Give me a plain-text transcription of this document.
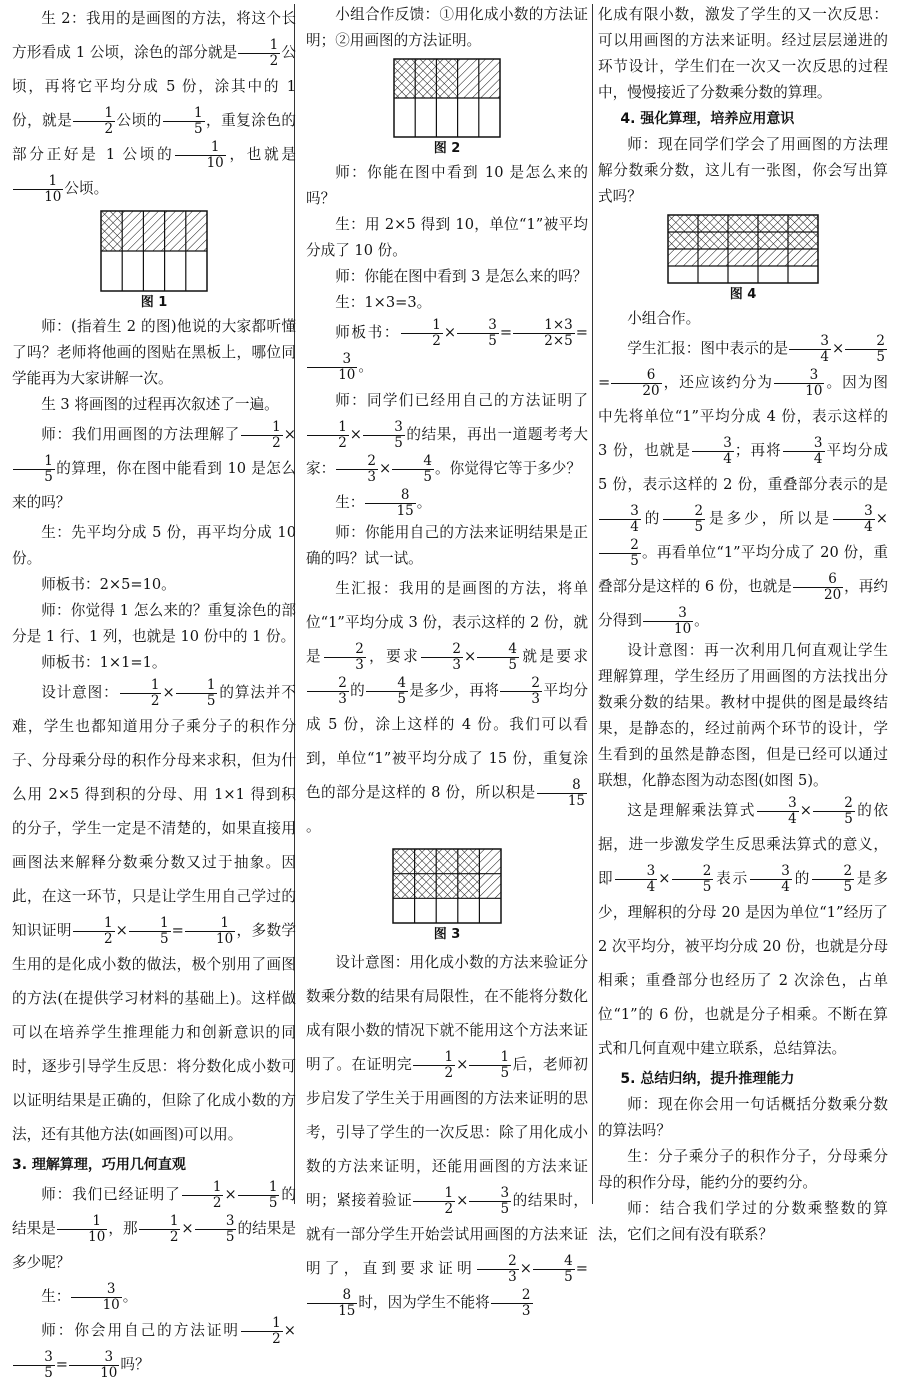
生 2：我用的是画图的方法，将这个长方形看成 1 公顷，涂色的部分就是 $\frac{1}{2}$ 公顷，再将它平均分成 5 份，涂其中的 1 份，就是 $\frac{1}{2}$ 公顷的 $\frac{1}{5}$ ，重复涂色的部分正好是 1 公顷的 $\frac{1}{10}$ ，也就是
$\frac{1}{10}$ 公顷。

图 1

师：(指着生 2 的图)他说的大家都听懂了吗？老师将他画的图贴在黑板上，哪位同学能再为大家讲解一次。

生 3 将画图的过程再次叙述了一遍。

师：我们用画图的方法理解了 $\frac{1}{2}$ ×
$\frac{1}{5}$ 的算理，你在图中能看到 10 是怎么来的吗？

生：先平均分成 5 份，再平均分成 10 份。

师板书：2×5=10。

师：你觉得 1 怎么来的？重复涂色的部分是 1 行、1 列，也就是 10 份中的 1 份。

师板书：1×1=1。

设计意图： $\frac{1}{2} \times \frac{1}{5}$ 的算法并不难，学生也都知道用分子乘分子的积作分子、分母乘分母的积作分母来求积，但为什么用 2×5 得到积的分母、用 1×1 得到积的分子，学生一定是不清楚的，如果直接用画图法来解释分数乘分数又过于抽象。因此，在这一环节，只是让学生用自己学过的知识证明 $\frac{1}{2} \times \frac{1}{5} = \frac{1}{10}$ ，多数学生用的是化成小数的做法，极个别用了画图的方法(在提供学习材料的基础上)。这样做可以在培养学生推理能力和创新意识的同时，逐步引导学生反思：将分数化成小数可以证明结果是正确的，但除了化成小数的方法，还有其他方法(如画图)可以用。

3. 理解算理，巧用几何直观

师：我们已经证明了 $\frac{1}{2} \times \frac{1}{5}$ 的结果是 $\frac{1}{10}$ ，那 $\frac{1}{2} \times \frac{3}{5}$ 的结果是多少呢？

生： $\frac{3}{10}$ 。

师：你会用自己的方法证明 $\frac{1}{2}$ ×
$\frac{3}{5} = \frac{3}{10}$ 吗？

小组合作反馈：①用化成小数的方法证明；②用画图的方法证明。

图 2

师：你能在图中看到 10 是怎么来的吗？

生：用 2×5 得到 10，单位“1”被平均分成了 10 份。

师：你能在图中看到 3 是怎么来的吗？

生：1×3=3。

师板书： $\frac{1}{2} \times \frac{3}{5} = \frac{1\times 3}{2\times 5}$ =
$\frac{3}{10}$ 。

师：同学们已经用自己的方法证明了
$\frac{1}{2} \times \frac{3}{5}$ 的结果，再出一道题考考大家： $\frac{2}{3} \times \frac{4}{5}$ 。你觉得它等于多少？

生： $\frac{8}{15}$ 。

师：你能用自己的方法来证明结果是正确的吗？试一试。

生汇报：我用的是画图的方法，将单位“1”平均分成 3 份，表示这样的 2 份，就是 $\frac{2}{3}$ ，要求 $\frac{2}{3} \times \frac{4}{5}$ 就是要求
$\frac{2}{3}$ 的 $\frac{4}{5}$ 是多少，再将 $\frac{2}{3}$ 平均分成 5 份，涂上这样的 4 份。我们可以看到，单位“1”被平均分成了 15 份，重复涂色的部分是这样的 8 份，所以积是 $\frac{8}{15}$
。

图 3

设计意图：用化成小数的方法来验证分数乘分数的结果有局限性，在不能将分数化成有限小数的情况下就不能用这个方法来证明了。在证明完 $\frac{1}{2} \times \frac{1}{5}$ 后，老师初步启发了学生关于用画图的方法来证明的思考，引导了学生的一次反思：除了用化成小数的方法来证明，还能用画图的方法来证明；紧接着验证 $\frac{1}{2} \times \frac{3}{5}$ 的结果时，就有一部分学生开始尝试用画图的方法来证明了，直到要求证明 $\frac{2}{3} \times \frac{4}{5}$ =
$\frac{8}{15}$ 时，因为学生不能将 $\frac{2}{3}$

化成有限小数，激发了学生的又一次反思：可以用画图的方法来证明。经过层层递进的环节设计，学生们在一次又一次反思的过程中，慢慢接近了分数乘分数的算理。

4. 强化算理，培养应用意识

师：现在同学们学会了用画图的方法理解分数乘分数，这儿有一张图，你会写出算式吗？

图 4

小组合作。

学生汇报：图中表示的是 $\frac{3}{4} \times \frac{2}{5}$
= $\frac{6}{20}$ ，还应该约分为 $\frac{3}{10}$ 。因为图中先将单位“1”平均分成 4 份，表示这样的 3 份，也就是 $\frac{3}{4}$ ；再将 $\frac{3}{4}$ 平均分成 5 份，表示这样的 2 份，重叠部分表示的是
$\frac{3}{4}$ 的 $\frac{2}{5}$ 是多少，所以是 $\frac{3}{4}$ ×
$\frac{2}{5}$ 。再看单位“1”平均分成了 20 份，重叠部分是这样的 6 份，也就是 $\frac{6}{20}$ ，再约分得到 $\frac{3}{10}$ 。

设计意图：再一次利用几何直观让学生理解算理，学生经历了用画图的方法找出分数乘分数的结果。教材中提供的图是最终结果，是静态的，经过前两个环节的设计，学生看到的虽然是静态图，但是已经可以通过联想，化静态图为动态图(如图 5)。

这是理解乘法算式 $\frac{3}{4} \times \frac{2}{5}$ 的依据，进一步激发学生反思乘法算式的意义，即 $\frac{3}{4} \times \frac{2}{5}$ 表示 $\frac{3}{4}$ 的 $\frac{2}{5}$ 是多少，理解积的分母 20 是因为单位“1”经历了 2 次平均分，被平均分成 20 份，也就是分母相乘；重叠部分也经历了 2 次涂色，占单位“1”的 6 份，也就是分子相乘。不断在算式和几何直观中建立联系，总结算法。

5. 总结归纳，提升推理能力

师：现在你会用一句话概括分数乘分数的算法吗？

生：分子乘分子的积作分子，分母乘分母的积作分母，能约分的要约分。

师：结合我们学过的分数乘整数的算法，它们之间有没有联系？
